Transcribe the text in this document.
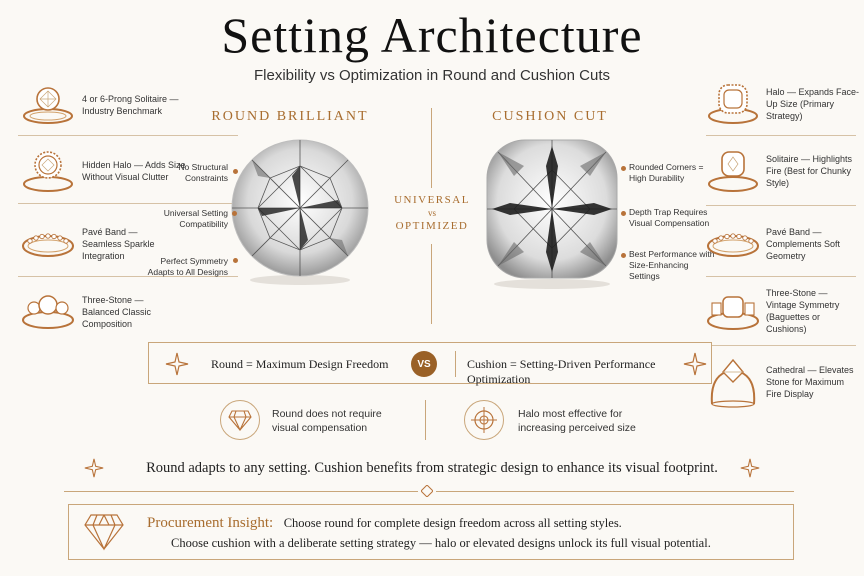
Setting Architecture
Flexibility vs Optimization in Round and Cushion Cuts
4 or 6-Prong Solitaire — Industry Benchmark
Hidden Halo — Adds Size Without Visual Clutter
Pavé Band — Seamless Sparkle Integration
Three-Stone — Balanced Classic Composition
ROUND BRILLIANT
No Structural Constraints
Universal Setting Compatibility
Perfect Symmetry Adapts to All Designs
UNIVERSAL
vs
OPTIMIZED
CUSHION CUT
Rounded Corners = High Durability
Depth Trap Requires Visual Compensation
Best Performance with Size-Enhancing Settings
Halo — Expands Face-Up Size (Primary Strategy)
Solitaire — Highlights Fire (Best for Chunky Style)
Pavé Band — Complements Soft Geometry
Three-Stone — Vintage Symmetry (Baguettes or Cushions)
Cathedral — Elevates Stone for Maximum Fire Display
Round = Maximum Design Freedom	VS	Cushion = Setting-Driven Performance Optimization
Round does not require visual compensation
Halo most effective for increasing perceived size
Round adapts to any setting. Cushion benefits from strategic design to enhance its visual footprint.
Procurement Insight: Choose round for complete design freedom across all setting styles.
Choose cushion with a deliberate setting strategy — halo or elevated designs unlock its full visual potential.
